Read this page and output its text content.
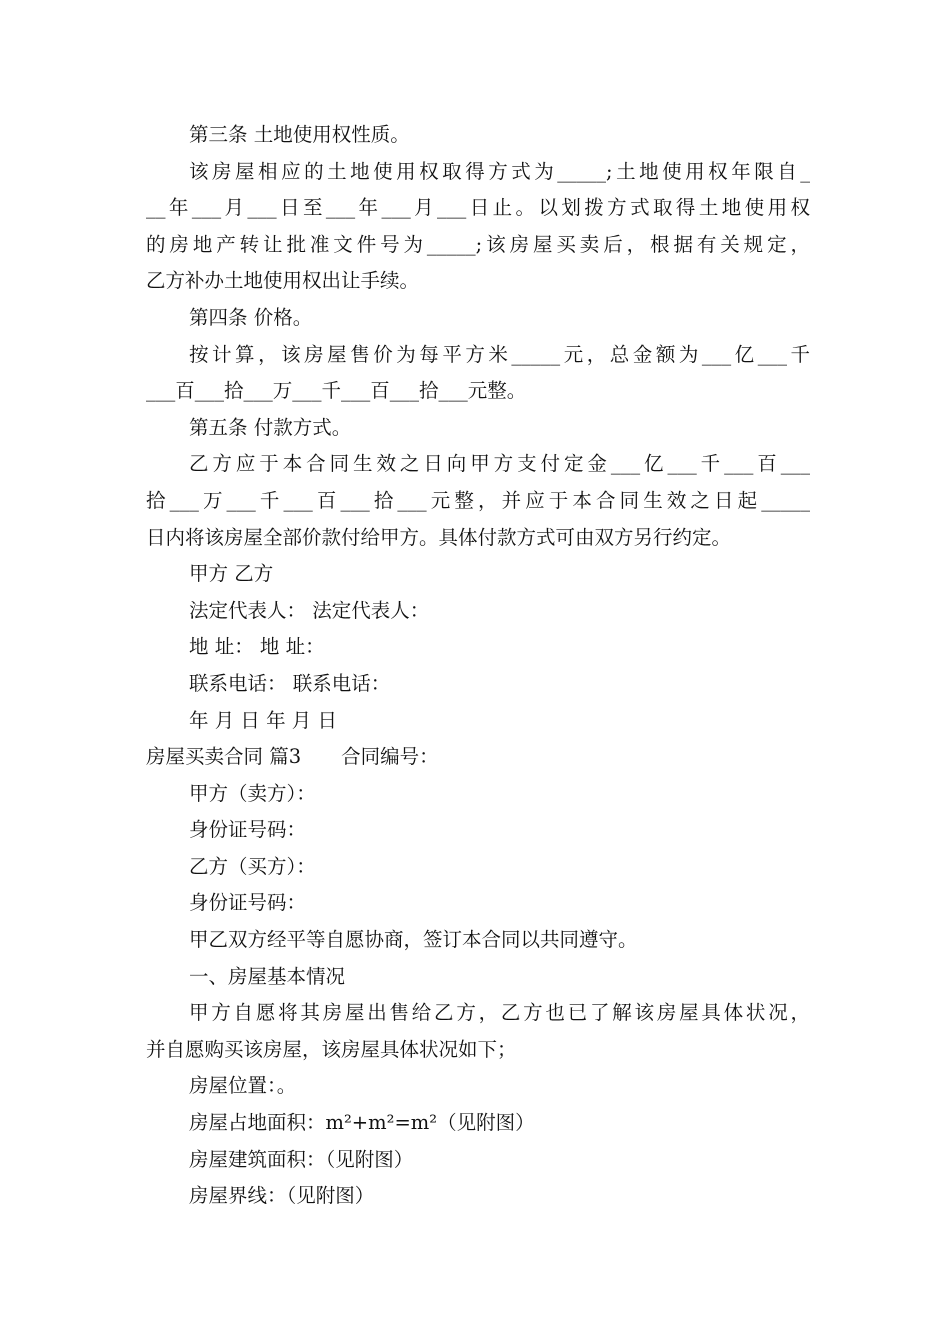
第三条 土地使用权性质。
该房屋相应的土地使用权取得方式为_____;土地使用权年限自_
__年___月___日至___年___月___日止。以划拨方式取得土地使用权
的房地产转让批准文件号为_____;该房屋买卖后，根据有关规定，
乙方补办土地使用权出让手续。
第四条 价格。
按计算，该房屋售价为每平方米_____元，总金额为___亿___千
___百___拾___万___千___百___拾___元整。
第五条 付款方式。
乙方应于本合同生效之日向甲方支付定金___亿___千___百___
拾___万___千___百___拾___元整，并应于本合同生效之日起_____
日内将该房屋全部价款付给甲方。具体付款方式可由双方另行约定。
甲方 乙方
法定代表人： 法定代表人：
地 址： 地 址：
联系电话： 联系电话：
年 月 日 年 月 日
房屋买卖合同 篇3 合同编号：
甲方（卖方）：
身份证号码：
乙方（买方）：
身份证号码：
甲乙双方经平等自愿协商，签订本合同以共同遵守。
一、房屋基本情况
甲方自愿将其房屋出售给乙方，乙方也已了解该房屋具体状况，
并自愿购买该房屋，该房屋具体状况如下；
房屋位置：。
房屋占地面积：m²+m²=m²（见附图）
房屋建筑面积：（见附图）
房屋界线：（见附图）
